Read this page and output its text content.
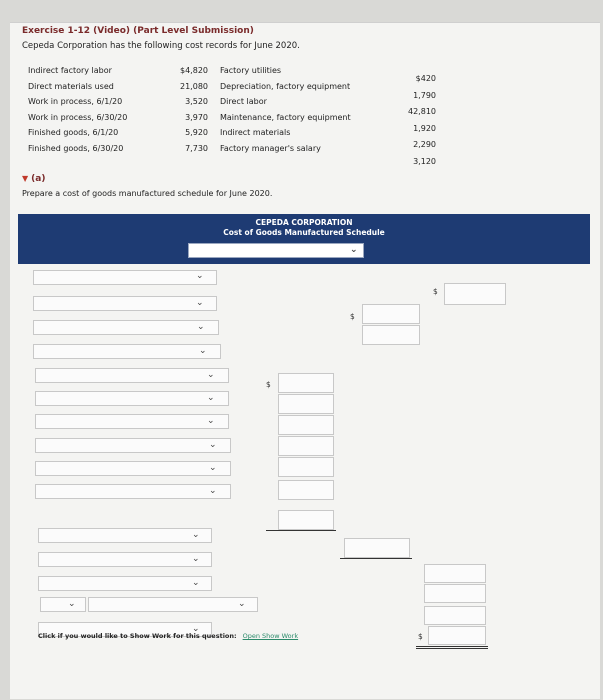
Exercise 1-12 (Video) (Part Level Submission)
Cepeda Corporation has the following cost records for June 2020.
Indirect factory labor
Direct materials used
Work in process, 6/1/20
Work in process, 6/30/20
Finished goods, 6/1/20
Finished goods, 6/30/20
$4,820
21,080
3,520
3,970
5,920
7,730
Factory utilities
Depreciation, factory equipment
Direct labor
Maintenance, factory equipment
Indirect materials
Factory manager's salary
$420
1,790
42,810
1,920
2,290
3,120
▼ (a)
Prepare a cost of goods manufactured schedule for June 2020.
CEPEDA CORPORATION
Cost of Goods Manufactured Schedule
⌄
⌄
$
⌄
$
⌄
⌄
⌄
$
⌄
⌄
⌄
⌄
⌄
⌄
⌄
⌄
⌄	⌄
⌄
$
Click if you would like to Show Work for this question: Open Show Work
